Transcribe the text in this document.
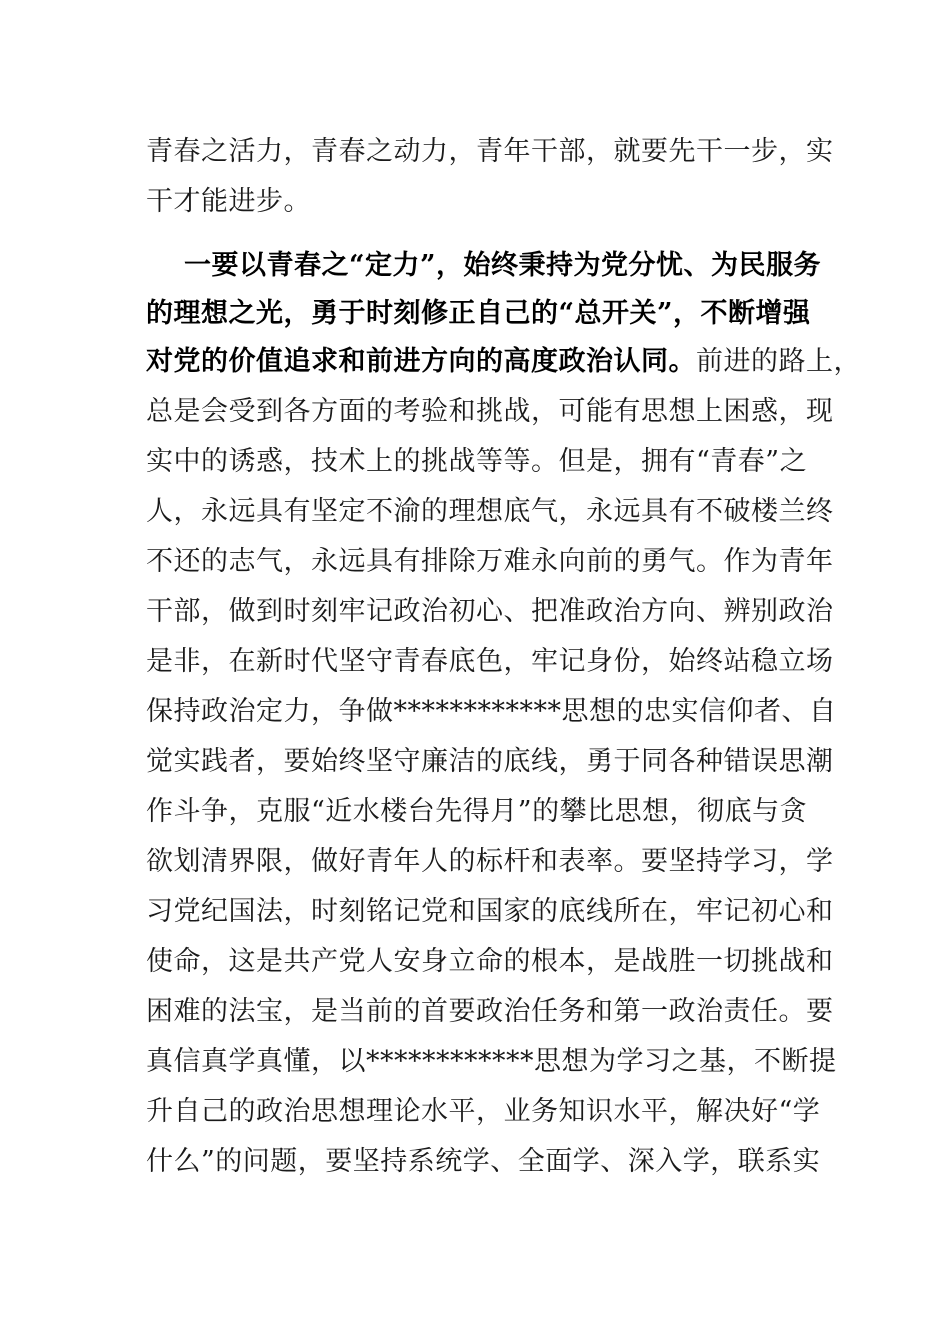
青春之活力，青春之动力，青年干部，就要先干一步，实
干才能进步。
一要以青春之“定力”，始终秉持为党分忧、为民服务
的理想之光，勇于时刻修正自己的“总开关”，不断增强
对党的价值追求和前进方向的高度政治认同。前进的路上，
总是会受到各方面的考验和挑战，可能有思想上困惑，现
实中的诱惑，技术上的挑战等等。但是，拥有“青春”之
人，永远具有坚定不渝的理想底气，永远具有不破楼兰终
不还的志气，永远具有排除万难永向前的勇气。作为青年
干部，做到时刻牢记政治初心、把准政治方向、辨别政治
是非，在新时代坚守青春底色，牢记身份，始终站稳立场
保持政治定力，争做************思想的忠实信仰者、自
觉实践者，要始终坚守廉洁的底线，勇于同各种错误思潮
作斗争，克服“近水楼台先得月”的攀比思想，彻底与贪
欲划清界限，做好青年人的标杆和表率。要坚持学习，学
习党纪国法，时刻铭记党和国家的底线所在，牢记初心和
使命，这是共产党人安身立命的根本，是战胜一切挑战和
困难的法宝，是当前的首要政治任务和第一政治责任。要
真信真学真懂，以************思想为学习之基，不断提
升自己的政治思想理论水平，业务知识水平，解决好“学
什么”的问题，要坚持系统学、全面学、深入学，联系实
